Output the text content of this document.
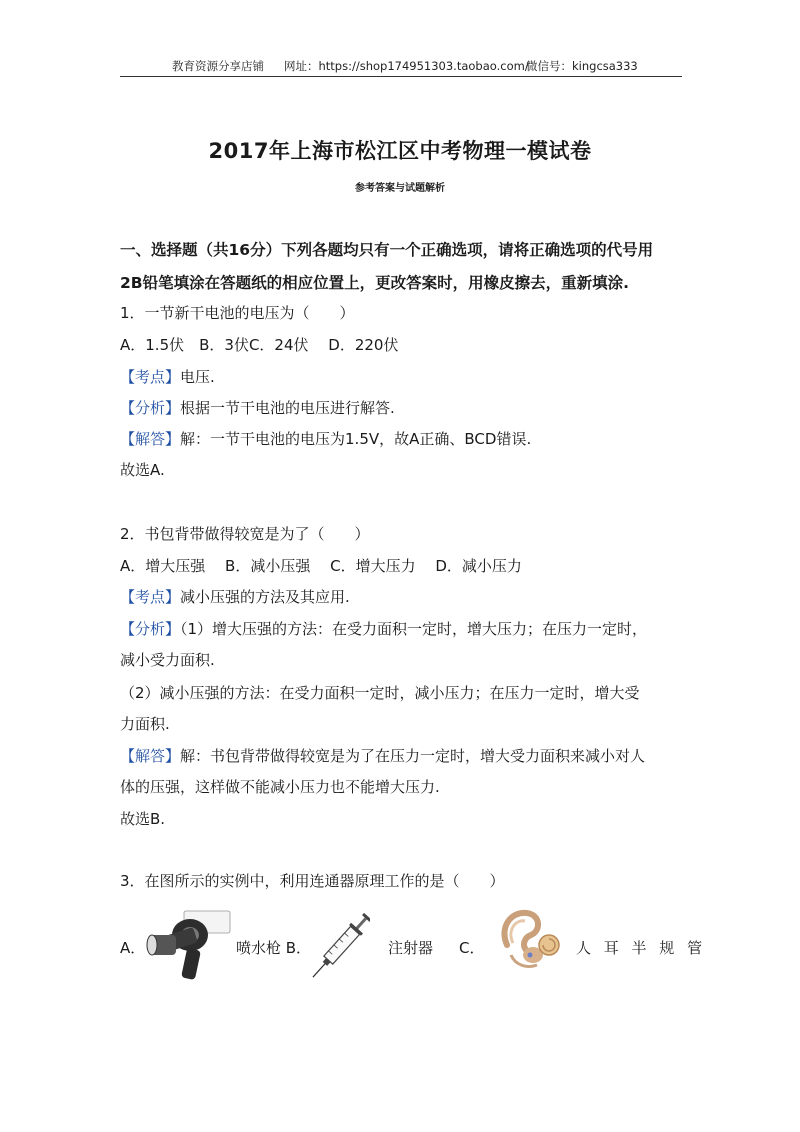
教育资源分享店铺 网址：https://shop174951303.taobao.com/
微信号：kingcsa333
2017年上海市松江区中考物理一模试卷
参考答案与试题解析
一、选择题（共16分）下列各题均只有一个正确选项，请将正确选项的代号用
2B铅笔填涂在答题纸的相应位置上，更改答案时，用橡皮擦去，重新填涂.
1．一节新干电池的电压为（　　）
A．1.5伏　B．3伏C．24伏　 D．220伏
【考点】电压.
【分析】根据一节干电池的电压进行解答.
【解答】解：一节干电池的电压为1.5V，故A正确、BCD错误.
故选A.
2．书包背带做得较宽是为了（　　）
A．增大压强　 B．减小压强　 C．增大压力　 D．减小压力
【考点】减小压强的方法及其应用.
【分析】（1）增大压强的方法：在受力面积一定时，增大压力；在压力一定时，
减小受力面积.
（2）减小压强的方法：在受力面积一定时，减小压力；在压力一定时，增大受
力面积.
【解答】解：书包背带做得较宽是为了在压力一定时，增大受力面积来减小对人
体的压强，这样做不能减小压力也不能增大压力.
故选B.
3．在图所示的实例中，利用连通器原理工作的是（　　）
A．	喷水枪 B．	注射器 C．	人 耳 半 规 管
